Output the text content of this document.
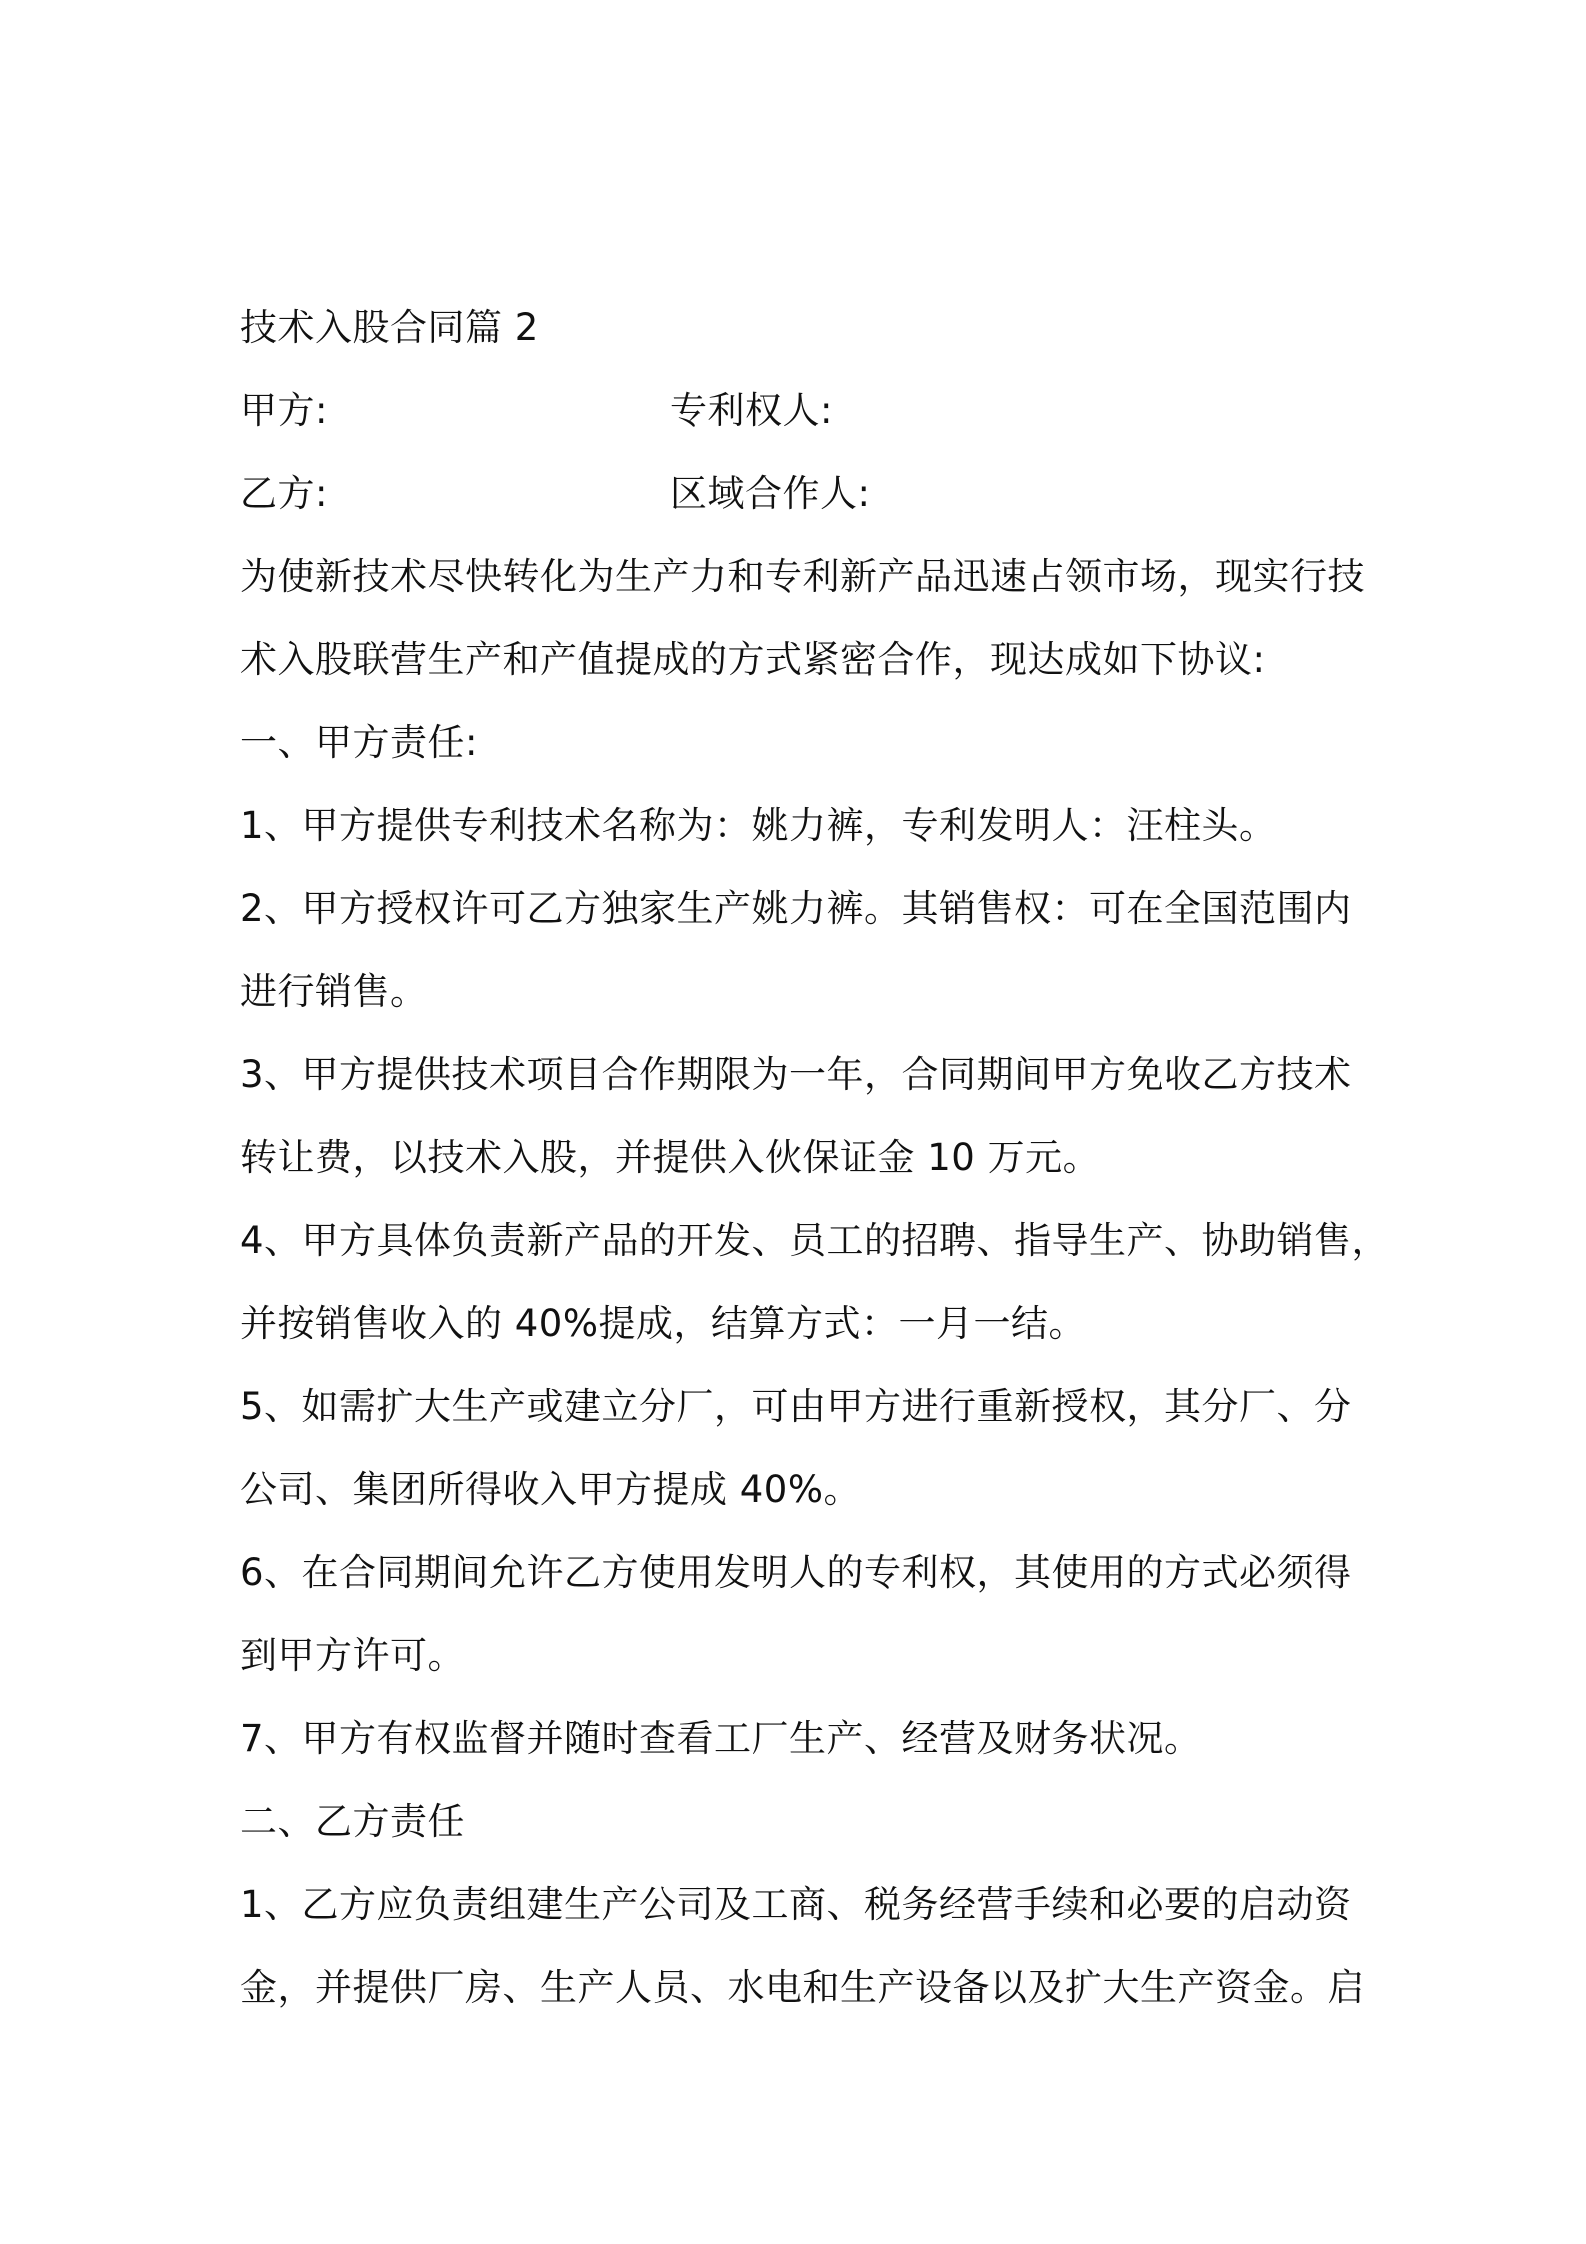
技术入股合同篇 2
甲方:	专利权人:
乙方:	区域合作人:
为使新技术尽快转化为生产力和专利新产品迅速占领市场，现实行技
术入股联营生产和产值提成的方式紧密合作，现达成如下协议:
一、甲方责任:
1、甲方提供专利技术名称为：姚力裤，专利发明人：汪柱头。
2、甲方授权许可乙方独家生产姚力裤。其销售权：可在全国范围内
进行销售。
3、甲方提供技术项目合作期限为一年，合同期间甲方免收乙方技术
转让费，以技术入股，并提供入伙保证金 10 万元。
4、甲方具体负责新产品的开发、员工的招聘、指导生产、协助销售，
并按销售收入的 40%提成，结算方式：一月一结。
5、如需扩大生产或建立分厂，可由甲方进行重新授权，其分厂、分
公司、集团所得收入甲方提成 40%。
6、在合同期间允许乙方使用发明人的专利权，其使用的方式必须得
到甲方许可。
7、甲方有权监督并随时查看工厂生产、经营及财务状况。
二、乙方责任
1、乙方应负责组建生产公司及工商、税务经营手续和必要的启动资
金，并提供厂房、生产人员、水电和生产设备以及扩大生产资金。启
